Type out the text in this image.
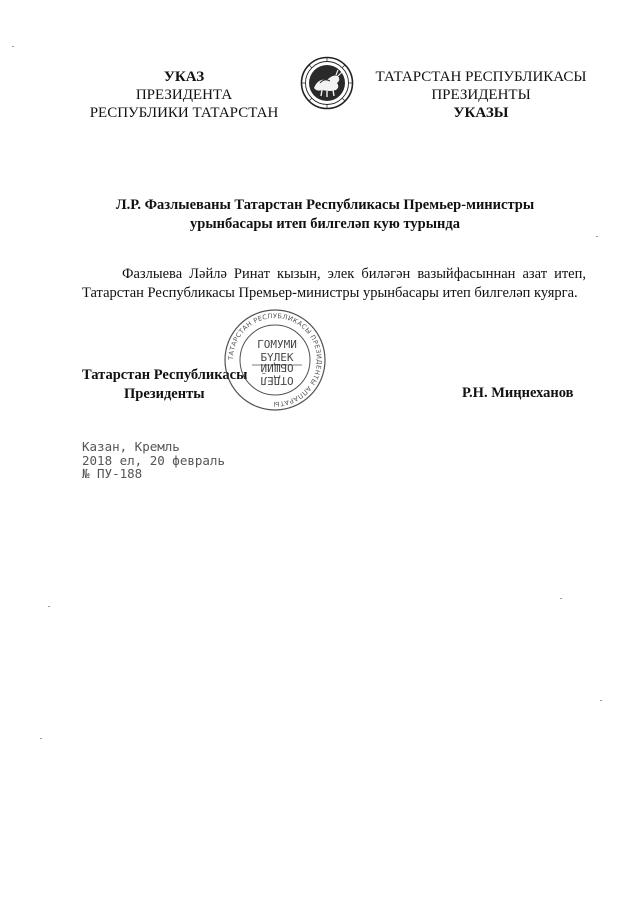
УКАЗ
ПРЕЗИДЕНТА
РЕСПУБЛИКИ ТАТАРСТАН
ТАТАРСТАН РЕСПУБЛИКАСЫ
ПРЕЗИДЕНТЫ
УКАЗЫ
Л.Р. Фазлыеваны Татарстан Республикасы Премьер-министры
урынбасары итеп билгеләп кую турында
Фазлыева Ләйлә Ринат кызын, элек биләгән вазыйфасыннан азат итеп, Татарстан Республикасы Премьер-министры урынбасары итеп билгеләп куярга.
Татарстан Республикасы
Президенты	Р.Н. Миңнеханов
ТАТАРСТАН РЕСПУБЛИКАСЫ ПРЕЗИДЕНТЫ АППАРАТЫ
ГОМУМИ
БҮЛЕК
ОТДЕЛ
ОБЩИЙ
Казан, Кремль
2018 ел, 20 февраль
№ ПУ-188
